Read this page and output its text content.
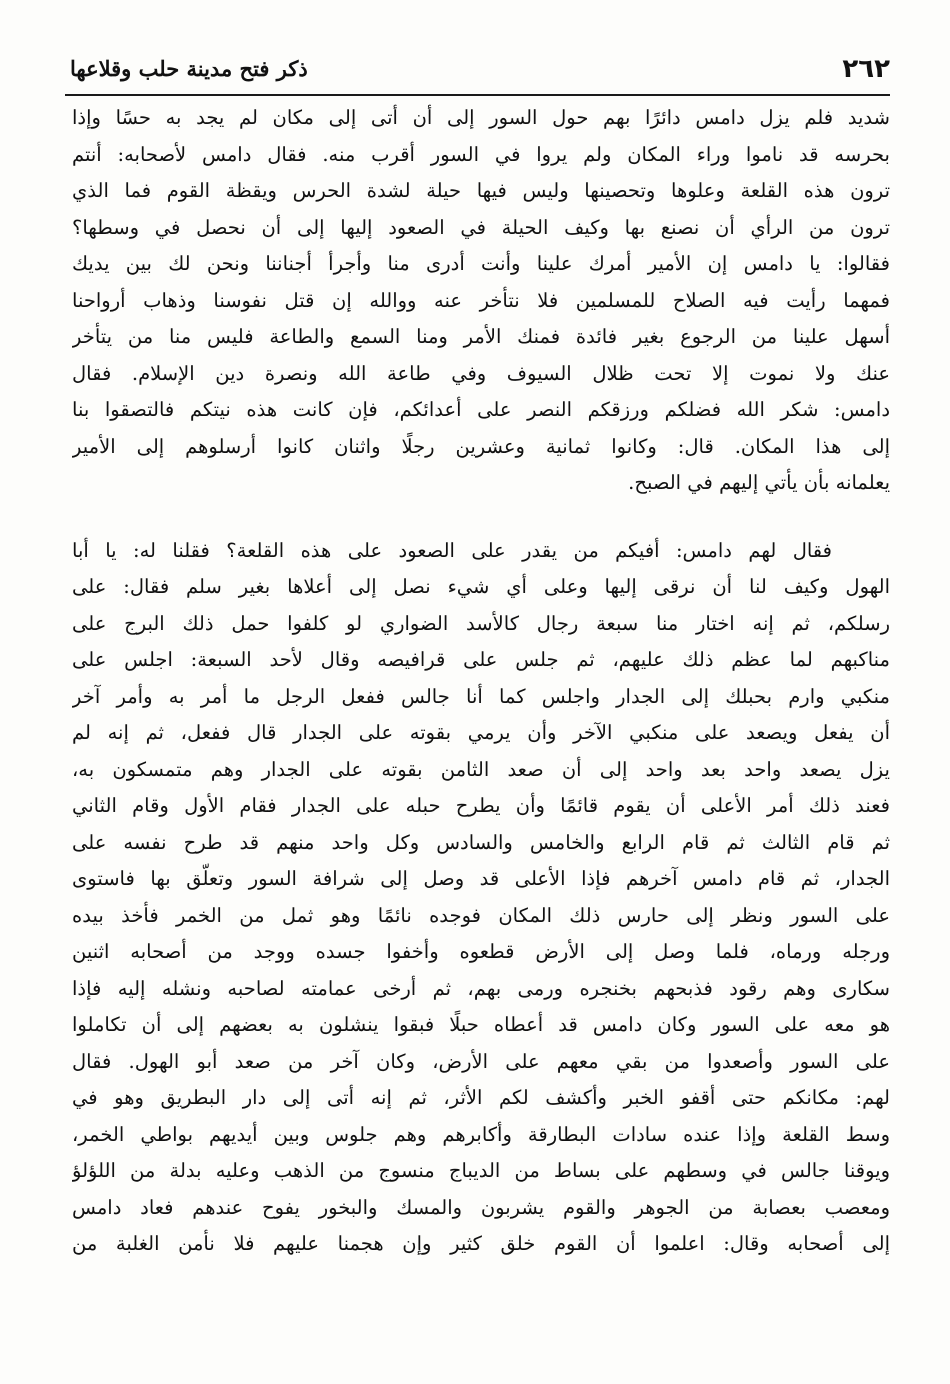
٢٦٢
ذكر فتح مدينة حلب وقلاعها
شديد فلم يزل دامس دائرًا بهم حول السور إلى أن أتى إلى مكان لم يجد به حسًا وإذا
بحرسه قد ناموا وراء المكان ولم يروا في السور أقرب منه. فقال دامس لأصحابه: أنتم
ترون هذه القلعة وعلوها وتحصينها وليس فيها حيلة لشدة الحرس ويقظة القوم فما الذي
ترون من الرأي أن نصنع بها وكيف الحيلة في الصعود إليها إلى أن نحصل في وسطها؟
فقالوا: يا دامس إن الأمير أمرك علينا وأنت أدرى منا وأجرأ أجناننا ونحن لك بين يديك
فمهما رأيت فيه الصلاح للمسلمين فلا نتأخر عنه ووالله إن قتل نفوسنا وذهاب أرواحنا
أسهل علينا من الرجوع بغير فائدة فمنك الأمر ومنا السمع والطاعة فليس منا من يتأخر
عنك ولا نموت إلا تحت ظلال السيوف وفي طاعة الله ونصرة دين الإسلام. فقال
دامس: شكر الله فضلكم ورزقكم النصر على أعدائكم، فإن كانت هذه نيتكم فالتصقوا بنا
إلى هذا المكان. قال: وكانوا ثمانية وعشرين رجلًا واثنان كانوا أرسلوهم إلى الأمير
يعلمانه بأن يأتي إليهم في الصبح.
فقال لهم دامس: أفيكم من يقدر على الصعود على هذه القلعة؟ فقلنا له: يا أبا
الهول وكيف لنا أن نرقى إليها وعلى أي شيء نصل إلى أعلاها بغير سلم فقال: على
رسلكم، ثم إنه اختار منا سبعة رجال كالأسد الضواري لو كلفوا حمل ذلك البرج على
مناكبهم لما عظم ذلك عليهم، ثم جلس على قرافيصه وقال لأحد السبعة: اجلس على
منكبي وارم بحبلك إلى الجدار واجلس كما أنا جالس ففعل الرجل ما أمر به وأمر آخر
أن يفعل ويصعد على منكبي الآخر وأن يرمي بقوته على الجدار قال ففعل، ثم إنه لم
يزل يصعد واحد بعد واحد إلى أن صعد الثامن بقوته على الجدار وهم متمسكون به،
فعند ذلك أمر الأعلى أن يقوم قائمًا وأن يطرح حبله على الجدار فقام الأول وقام الثاني
ثم قام الثالث ثم قام الرابع والخامس والسادس وكل واحد منهم قد طرح نفسه على
الجدار، ثم قام دامس آخرهم فإذا الأعلى قد وصل إلى شرافة السور وتعلّق بها فاستوى
على السور ونظر إلى حارس ذلك المكان فوجده نائمًا وهو ثمل من الخمر فأخذ بيده
ورجله ورماه، فلما وصل إلى الأرض قطعوه وأخفوا جسده ووجد من أصحابه اثنين
سكارى وهم رقود فذبحهم بخنجره ورمى بهم، ثم أرخى عمامته لصاحبه ونشله إليه فإذا
هو معه على السور وكان دامس قد أعطاه حبلًا فبقوا ينشلون به بعضهم إلى أن تكاملوا
على السور وأصعدوا من بقي معهم على الأرض، وكان آخر من صعد أبو الهول. فقال
لهم: مكانكم حتى أقفو الخبر وأكشف لكم الأثر، ثم إنه أتى إلى دار البطريق وهو في
وسط القلعة وإذا عنده سادات البطارقة وأكابرهم وهم جلوس وبين أيديهم بواطي الخمر،
ويوقنا جالس في وسطهم على بساط من الديباج منسوج من الذهب وعليه بدلة من اللؤلؤ
ومعصب بعصابة من الجوهر والقوم يشربون والمسك والبخور يفوح عندهم فعاد دامس
إلى أصحابه وقال: اعلموا أن القوم خلق كثير وإن هجمنا عليهم فلا نأمن الغلبة من
